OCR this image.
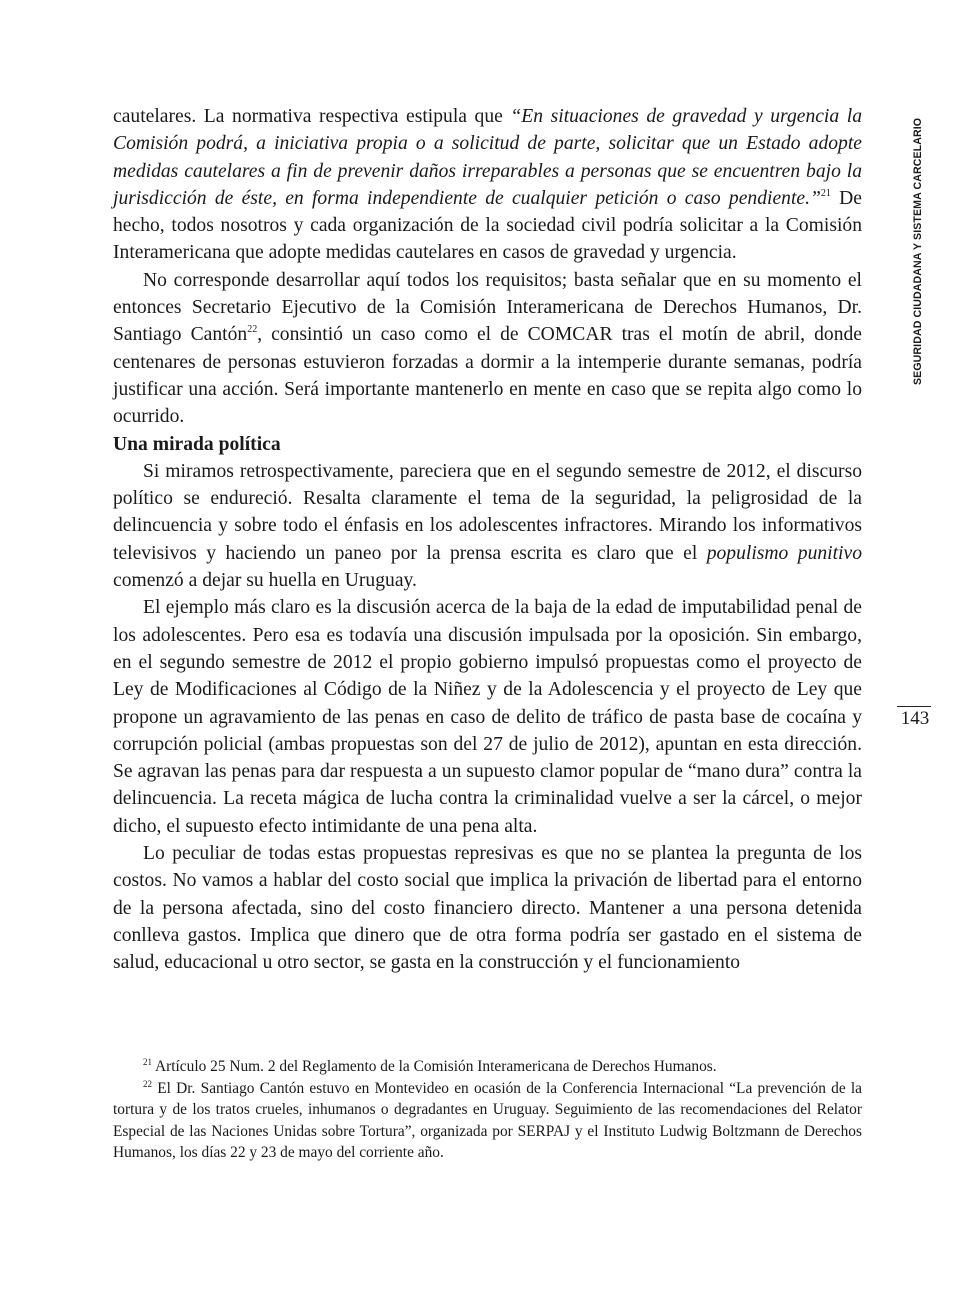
cautelares. La normativa respectiva estipula que “En situaciones de gravedad y urgencia la Comisión podrá, a iniciativa propia o a solicitud de parte, solicitar que un Estado adopte medidas cautelares a fin de prevenir daños irreparables a personas que se encuentren bajo la jurisdicción de éste, en forma independiente de cualquier petición o caso pendiente.”$^{21}$ De hecho, todos nosotros y cada organización de la sociedad civil podría solicitar a la Comisión Interamericana que adopte medidas cautelares en casos de gravedad y urgencia.

No corresponde desarrollar aquí todos los requisitos; basta señalar que en su momento el entonces Secretario Ejecutivo de la Comisión Interamericana de Derechos Humanos, Dr. Santiago Cantón$^{22}$, consintió un caso como el de COMCAR tras el motín de abril, donde centenares de personas estuvieron forzadas a dormir a la intemperie durante semanas, podría justificar una acción. Será importante mantenerlo en mente en caso que se repita algo como lo ocurrido.

Una mirada política

Si miramos retrospectivamente, pareciera que en el segundo semestre de 2012, el discurso político se endureció. Resalta claramente el tema de la seguridad, la peligrosidad de la delincuencia y sobre todo el énfasis en los adolescentes infractores. Mirando los informativos televisivos y haciendo un paneo por la prensa escrita es claro que el populismo punitivo comenzó a dejar su huella en Uruguay.

El ejemplo más claro es la discusión acerca de la baja de la edad de imputabilidad penal de los adolescentes. Pero esa es todavía una discusión impulsada por la oposición. Sin embargo, en el segundo semestre de 2012 el propio gobierno impulsó propuestas como el proyecto de Ley de Modificaciones al Código de la Niñez y de la Adolescencia y el proyecto de Ley que propone un agravamiento de las penas en caso de delito de tráfico de pasta base de cocaína y corrupción policial (ambas propuestas son del 27 de julio de 2012), apuntan en esta dirección. Se agravan las penas para dar respuesta a un supuesto clamor popular de “mano dura” contra la delincuencia. La receta mágica de lucha contra la criminalidad vuelve a ser la cárcel, o mejor dicho, el supuesto efecto intimidante de una pena alta.

Lo peculiar de todas estas propuestas represivas es que no se plantea la pregunta de los costos. No vamos a hablar del costo social que implica la privación de libertad para el entorno de la persona afectada, sino del costo financiero directo. Mantener a una persona detenida conlleva gastos. Implica que dinero que de otra forma podría ser gastado en el sistema de salud, educacional u otro sector, se gasta en la construcción y el funcionamiento

$^{21}$ Artículo 25 Num. 2 del Reglamento de la Comisión Interamericana de Derechos Humanos.

$^{22}$ El Dr. Santiago Cantón estuvo en Montevideo en ocasión de la Conferencia Internacional “La prevención de la tortura y de los tratos crueles, inhumanos o degradantes en Uruguay. Seguimiento de las recomendaciones del Relator Especial de las Naciones Unidas sobre Tortura”, organizada por SERPAJ y el Instituto Ludwig Boltzmann de Derechos Humanos, los días 22 y 23 de mayo del corriente año.

SEGURIDAD CIUDADANA Y SISTEMA CARCELARIO
143
